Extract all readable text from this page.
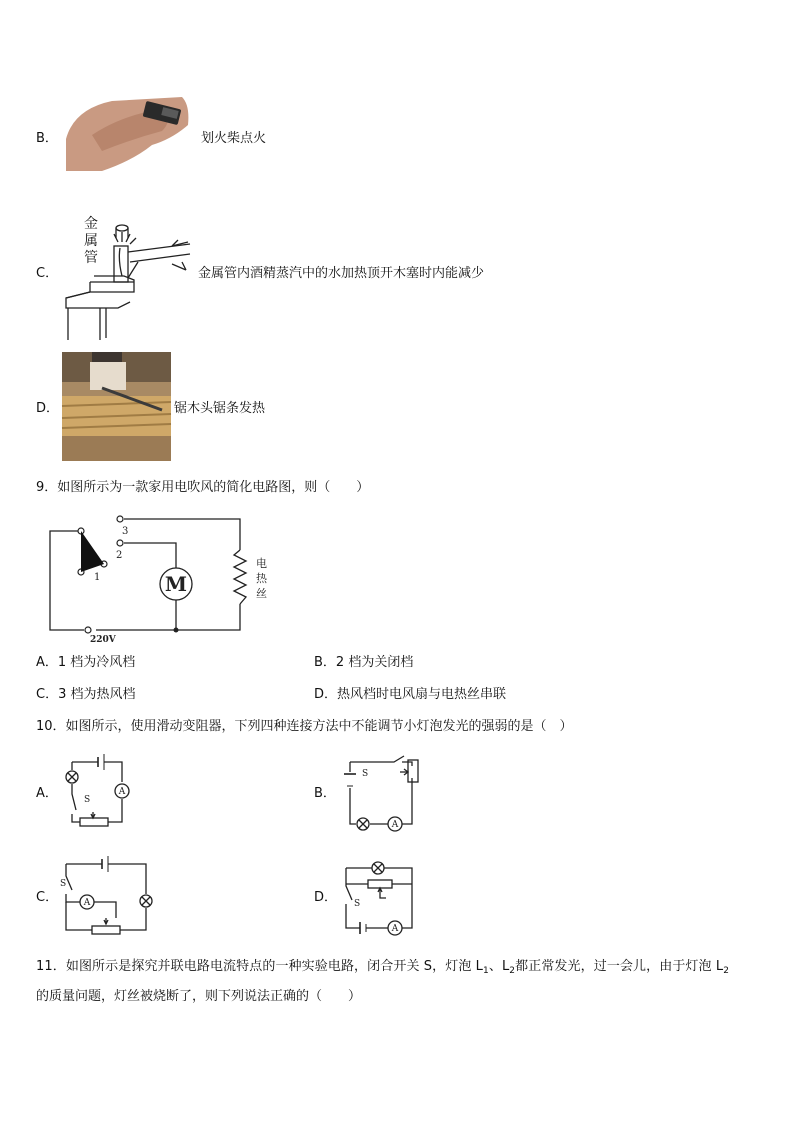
B．	划火柴点火
C．
金
属
管
金属管内酒精蒸汽中的水加热顶开木塞时内能减少
D．	锯木头锯条发热
9．如图所示为一款家用电吹风的简化电路图，则（　　）
M
3
2
1
220V
电
热
丝
A．1 档为冷风档	B．2 档为关闭档
C．3 档为热风档	D．热风档时电风扇与电热丝串联
10．如图所示，使用滑动变阻器，下列四种连接方法中不能调节小灯泡发光的强弱的是（　）
A．	A
S	B．
A
S
C．	A
S
D．
A
S
11．如图所示是探究并联电路电流特点的一种实验电路，闭合开关 S，灯泡 $L_1$、$L_2$都正常发光，过一会儿，由于灯泡 $L_2$
的质量问题，灯丝被烧断了，则下列说法正确的（　　）
